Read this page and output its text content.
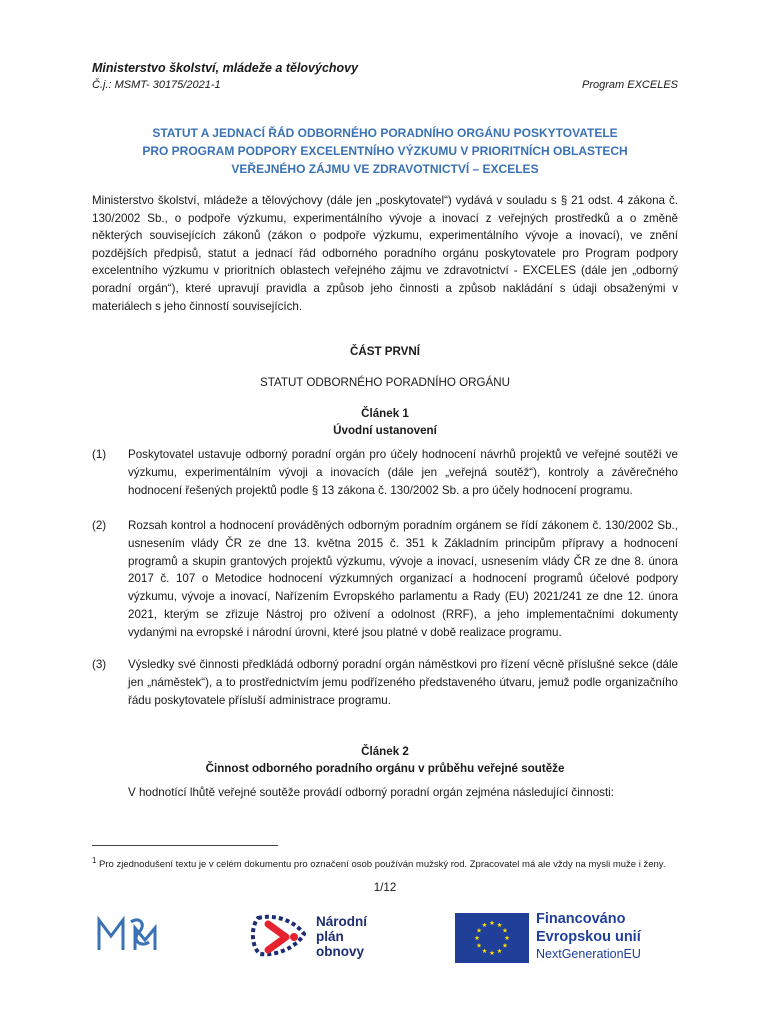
Ministerstvo školství, mládeže a tělovýchovy
Č.j.: MSMT- 30175/2021-1	Program EXCELES
STATUT A JEDNACÍ ŘÁD ODBORNÉHO PORADNÍHO ORGÁNU POSKYTOVATELE
PRO PROGRAM PODPORY EXCELENTNÍHO VÝZKUMU V PRIORITNÍCH OBLASTECH
VEŘEJNÉHO ZÁJMU VE ZDRAVOTNICTVÍ – EXCELES
Ministerstvo školství, mládeže a tělovýchovy (dále jen „poskytovatel“) vydává v souladu s § 21 odst. 4 zákona č. 130/2002 Sb., o podpoře výzkumu, experimentálního vývoje a inovací z veřejných prostředků a o změně některých souvisejících zákonů (zákon o podpoře výzkumu, experimentálního vývoje a inovací), ve znění pozdějších předpisů, statut a jednací řád odborného poradního orgánu poskytovatele pro Program podpory excelentního výzkumu v prioritních oblastech veřejného zájmu ve zdravotnictví - EXCELES (dále jen „odborný poradní orgán“), které upravují pravidla a způsob jeho činnosti a způsob nakládání s údaji obsaženými v materiálech s jeho činností souvisejících.
ČÁST PRVNÍ
STATUT ODBORNÉHO PORADNÍHO ORGÁNU
Článek 1
Úvodní ustanovení
(1) Poskytovatel ustavuje odborný poradní orgán pro účely hodnocení návrhů projektů ve veřejné soutěži ve výzkumu, experimentálním vývoji a inovacích (dále jen „veřejná soutěž“), kontroly a závěrečného hodnocení řešených projektů podle § 13 zákona č. 130/2002 Sb. a pro účely hodnocení programu.
(2) Rozsah kontrol a hodnocení prováděných odborným poradním orgánem se řídí zákonem č. 130/2002 Sb., usnesením vlády ČR ze dne 13. května 2015 č. 351 k Základním principům přípravy a hodnocení programů a skupin grantových projektů výzkumu, vývoje a inovací, usnesením vlády ČR ze dne 8. února 2017 č. 107 o Metodice hodnocení výzkumných organizací a hodnocení programů účelové podpory výzkumu, vývoje a inovací, Nařízením Evropského parlamentu a Rady (EU) 2021/241 ze dne 12. února 2021, kterým se zřizuje Nástroj pro oživení a odolnost (RRF), a jeho implementačními dokumenty vydanými na evropské i národní úrovni, které jsou platné v době realizace programu.
(3) Výsledky své činnosti předkládá odborný poradní orgán náměstkovi pro řízení věcně příslušné sekce (dále jen „náměstek“), a to prostřednictvím jemu podřízeného představeného útvaru, jemuž podle organizačního řádu poskytovatele přísluší administrace programu.
Článek 2
Činnost odborného poradního orgánu v průběhu veřejné soutěže
V hodnotící lhůtě veřejné soutěže provádí odborný poradní orgán zejména následující činnosti:
$^1$ Pro zjednodušení textu je v celém dokumentu pro označení osob používán mužský rod. Zpracovatel má ale vždy na mysli muže i ženy.
1/12
Národní
plán
obnovy
Financováno
Evropskou unií
NextGenerationEU
